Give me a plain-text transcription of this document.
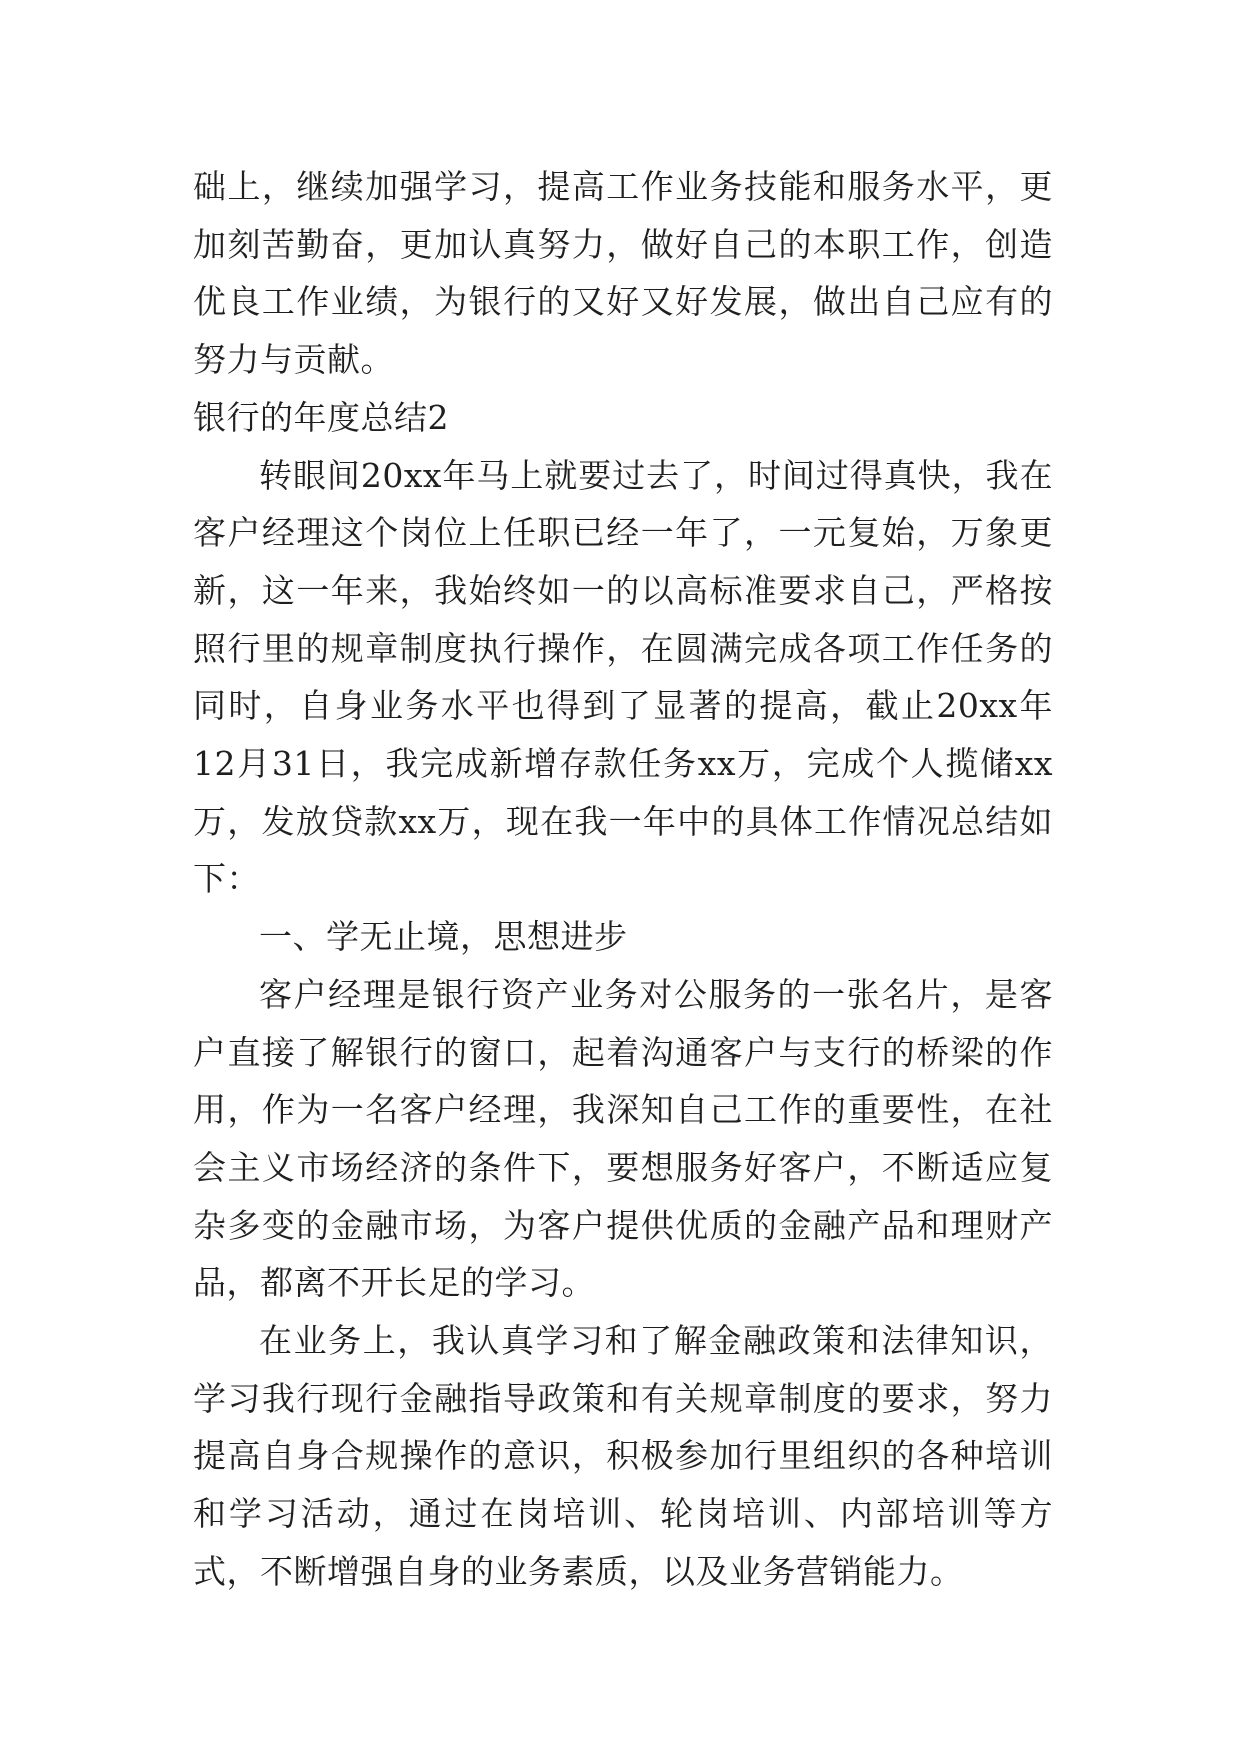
础上，继续加强学习，提高工作业务技能和服务水平，更加刻苦勤奋，更加认真努力，做好自己的本职工作，创造优良工作业绩，为银行的又好又好发展，做出自己应有的努力与贡献。

银行的年度总结2

转眼间20xx年马上就要过去了，时间过得真快，我在客户经理这个岗位上任职已经一年了，一元复始，万象更新，这一年来，我始终如一的以高标准要求自己，严格按照行里的规章制度执行操作，在圆满完成各项工作任务的同时，自身业务水平也得到了显著的提高，截止20xx年12月31日，我完成新增存款任务xx万，完成个人揽储xx万，发放贷款xx万，现在我一年中的具体工作情况总结如下：

一、学无止境，思想进步

客户经理是银行资产业务对公服务的一张名片，是客户直接了解银行的窗口，起着沟通客户与支行的桥梁的作用，作为一名客户经理，我深知自己工作的重要性，在社会主义市场经济的条件下，要想服务好客户，不断适应复杂多变的金融市场，为客户提供优质的金融产品和理财产品，都离不开长足的学习。

在业务上，我认真学习和了解金融政策和法律知识，学习我行现行金融指导政策和有关规章制度的要求，努力提高自身合规操作的意识，积极参加行里组织的各种培训和学习活动，通过在岗培训、轮岗培训、内部培训等方式，不断增强自身的业务素质，以及业务营销能力。
